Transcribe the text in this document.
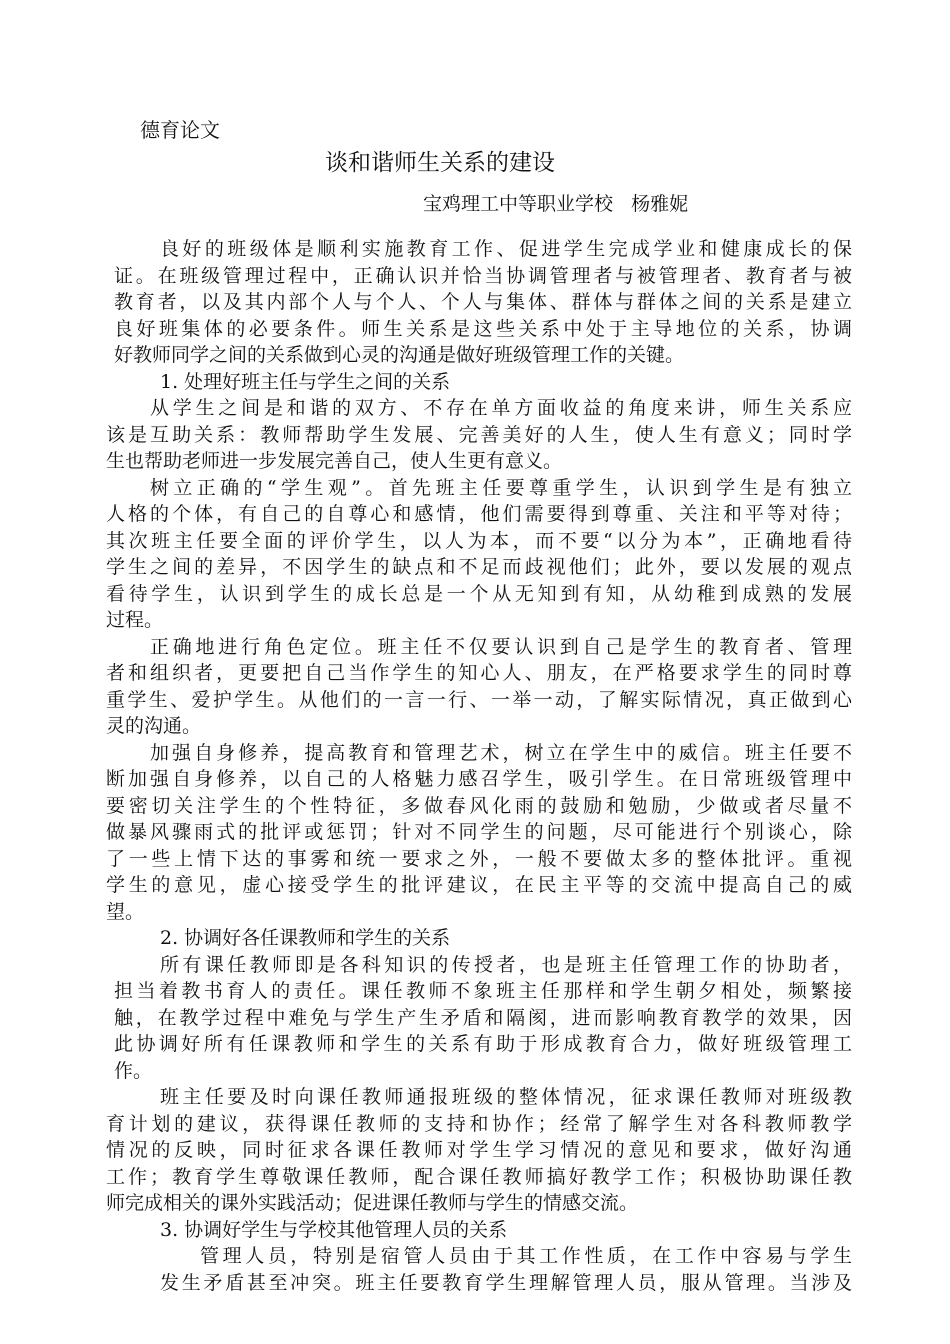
德育论文
谈和谐师生关系的建设
宝鸡理工中等职业学校   杨雅妮
良好的班级体是顺利实施教育工作、促进学生完成学业和健康成长的保
证。在班级管理过程中，正确认识并恰当协调管理者与被管理者、教育者与被
教育者，以及其内部个人与个人、个人与集体、群体与群体之间的关系是建立
良好班集体的必要条件。师生关系是这些关系中处于主导地位的关系，协调
好教师同学之间的关系做到心灵的沟通是做好班级管理工作的关键。
1. 处理好班主任与学生之间的关系
从学生之间是和谐的双方、不存在单方面收益的角度来讲，师生关系应
该是互助关系：教师帮助学生发展、完善美好的人生，使人生有意义；同时学
生也帮助老师进一步发展完善自己，使人生更有意义。
树立正确的“学生观”。首先班主任要尊重学生，认识到学生是有独立
人格的个体，有自己的自尊心和感情，他们需要得到尊重、关注和平等对待；
其次班主任要全面的评价学生，以人为本，而不要“以分为本”，正确地看待
学生之间的差异，不因学生的缺点和不足而歧视他们；此外，要以发展的观点
看待学生，认识到学生的成长总是一个从无知到有知，从幼稚到成熟的发展
过程。
正确地进行角色定位。班主任不仅要认识到自己是学生的教育者、管理
者和组织者，更要把自己当作学生的知心人、朋友，在严格要求学生的同时尊
重学生、爱护学生。从他们的一言一行、一举一动，了解实际情况，真正做到心
灵的沟通。
加强自身修养，提高教育和管理艺术，树立在学生中的威信。班主任要不
断加强自身修养，以自己的人格魅力感召学生，吸引学生。在日常班级管理中
要密切关注学生的个性特征，多做春风化雨的鼓励和勉励，少做或者尽量不
做暴风骤雨式的批评或惩罚；针对不同学生的问题，尽可能进行个别谈心，除
了一些上情下达的事雾和统一要求之外，一般不要做太多的整体批评。重视
学生的意见，虚心接受学生的批评建议，在民主平等的交流中提高自己的威
望。
2. 协调好各任课教师和学生的关系
所有课任教师即是各科知识的传授者，也是班主任管理工作的协助者，
担当着教书育人的责任。课任教师不象班主任那样和学生朝夕相处，频繁接
触，在教学过程中难免与学生产生矛盾和隔阂，进而影响教育教学的效果，因
此协调好所有任课教师和学生的关系有助于形成教育合力，做好班级管理工
作。
班主任要及时向课任教师通报班级的整体情况，征求课任教师对班级教
育计划的建议，获得课任教师的支持和协作；经常了解学生对各科教师教学
情况的反映，同时征求各课任教师对学生学习情况的意见和要求，做好沟通
工作；教育学生尊敬课任教师，配合课任教师搞好教学工作；积极协助课任教
师完成相关的课外实践活动；促进课任教师与学生的情感交流。
3. 协调好学生与学校其他管理人员的关系
管理人员，特别是宿管人员由于其工作性质，在工作中容易与学生
发生矛盾甚至冲突。班主任要教育学生理解管理人员，服从管理。当涉及
